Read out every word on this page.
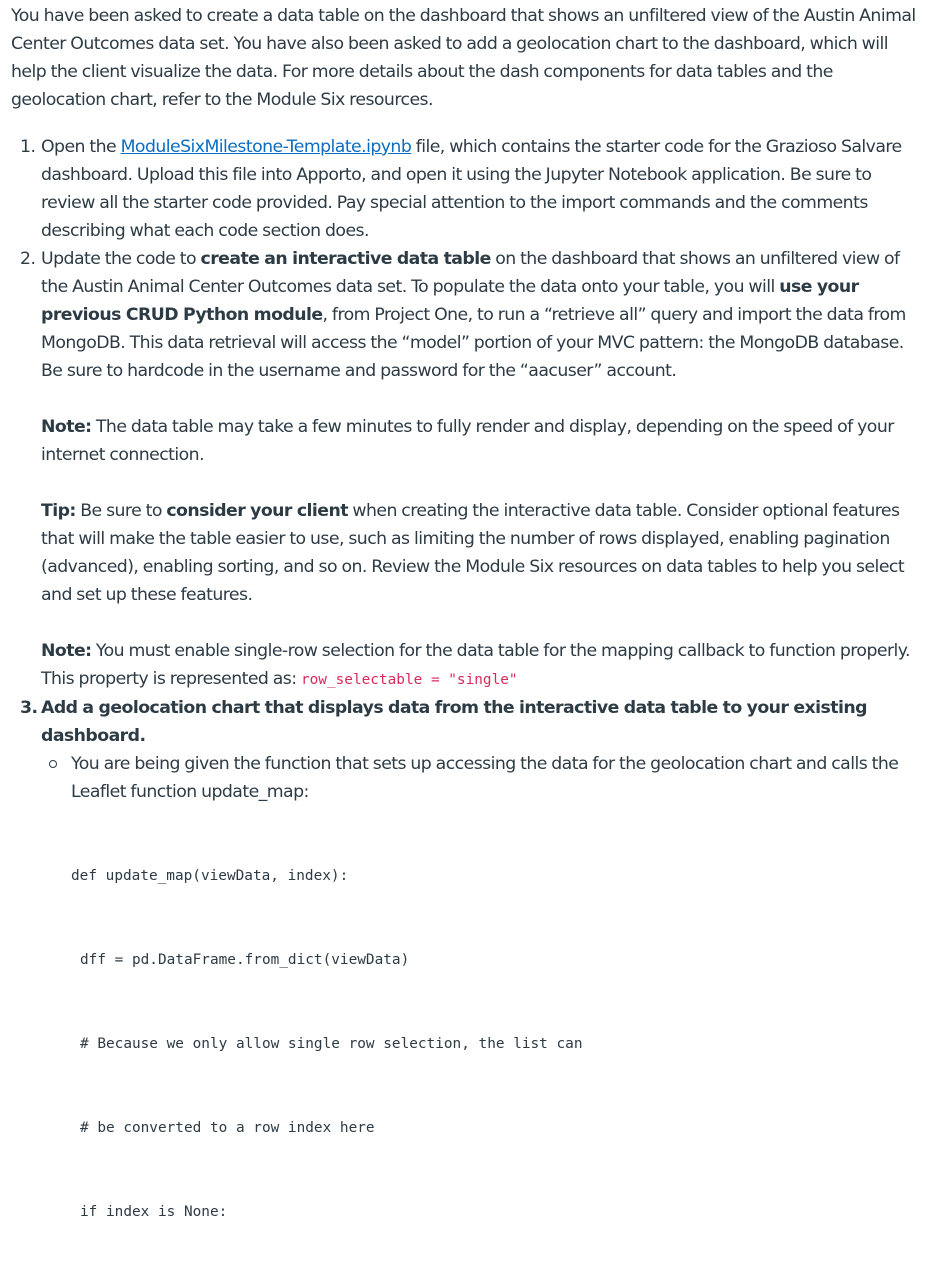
You have been asked to create a data table on the dashboard that shows an unfiltered view of the Austin Animal Center Outcomes data set. You have also been asked to add a geolocation chart to the dashboard, which will help the client visualize the data. For more details about the dash components for data tables and the geolocation chart, refer to the Module Six resources.

1. Open the ModuleSixMilestone-Template.ipynb file, which contains the starter code for the Grazioso Salvare dashboard. Upload this file into Apporto, and open it using the Jupyter Notebook application. Be sure to review all the starter code provided. Pay special attention to the import commands and the comments describing what each code section does.
2. Update the code to create an interactive data table on the dashboard that shows an unfiltered view of the Austin Animal Center Outcomes data set. To populate the data onto your table, you will use your previous CRUD Python module, from Project One, to run a “retrieve all” query and import the data from MongoDB. This data retrieval will access the “model” portion of your MVC pattern: the MongoDB database. Be sure to hardcode in the username and password for the “aacuser” account.

Note: The data table may take a few minutes to fully render and display, depending on the speed of your internet connection.

Tip: Be sure to consider your client when creating the interactive data table. Consider optional features that will make the table easier to use, such as limiting the number of rows displayed, enabling pagination (advanced), enabling sorting, and so on. Review the Module Six resources on data tables to help you select and set up these features.

Note: You must enable single-row selection for the data table for the mapping callback to function properly. This property is represented as: row_selectable = "single"

3. Add a geolocation chart that displays data from the interactive data table to your existing dashboard.

You are being given the function that sets up accessing the data for the geolocation chart and calls the Leaflet function update_map:

def update_map(viewData, index):

dff = pd.DataFrame.from_dict(viewData)

# Because we only allow single row selection, the list can

# be converted to a row index here

if index is None:
